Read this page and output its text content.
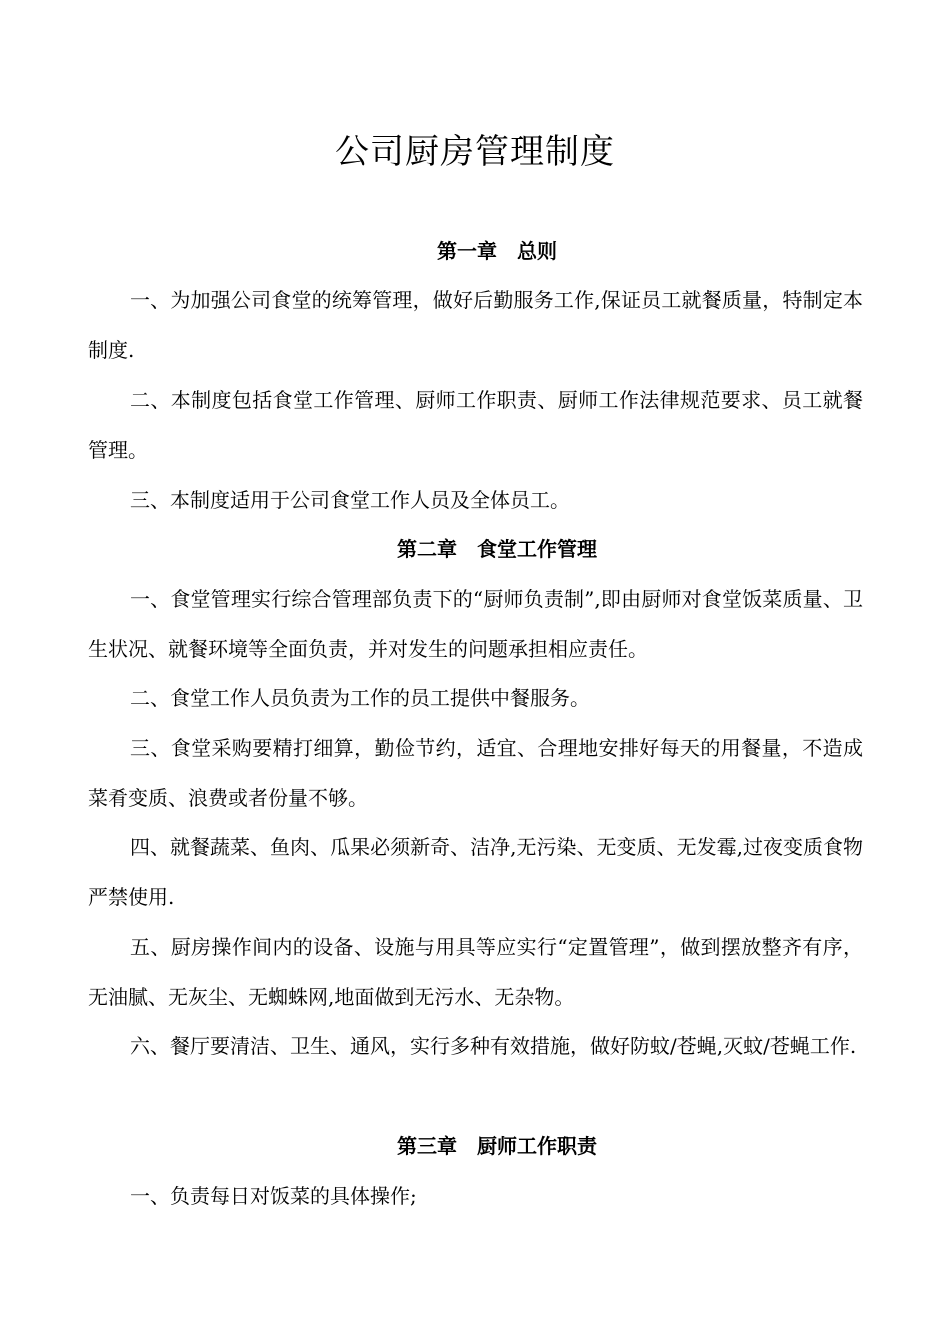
公司厨房管理制度
第一章　总则

一、为加强公司食堂的统筹管理，做好后勤服务工作,保证员工就餐质量，特制定本制度.

二、本制度包括食堂工作管理、厨师工作职责、厨师工作法律规范要求、员工就餐管理。

三、本制度适用于公司食堂工作人员及全体员工。

第二章　食堂工作管理

一、食堂管理实行综合管理部负责下的“厨师负责制”,即由厨师对食堂饭菜质量、卫生状况、就餐环境等全面负责，并对发生的问题承担相应责任。

二、食堂工作人员负责为工作的员工提供中餐服务。

三、食堂采购要精打细算，勤俭节约，适宜、合理地安排好每天的用餐量，不造成菜肴变质、浪费或者份量不够。

四、就餐蔬菜、鱼肉、瓜果必须新奇、洁净,无污染、无变质、无发霉,过夜变质食物严禁使用.

五、厨房操作间内的设备、设施与用具等应实行“定置管理”，做到摆放整齐有序，无油腻、无灰尘、无蜘蛛网,地面做到无污水、无杂物。

六、餐厅要清洁、卫生、通风，实行多种有效措施，做好防蚊/苍蝇,灭蚊/苍蝇工作.

第三章　厨师工作职责

一、负责每日对饭菜的具体操作;
